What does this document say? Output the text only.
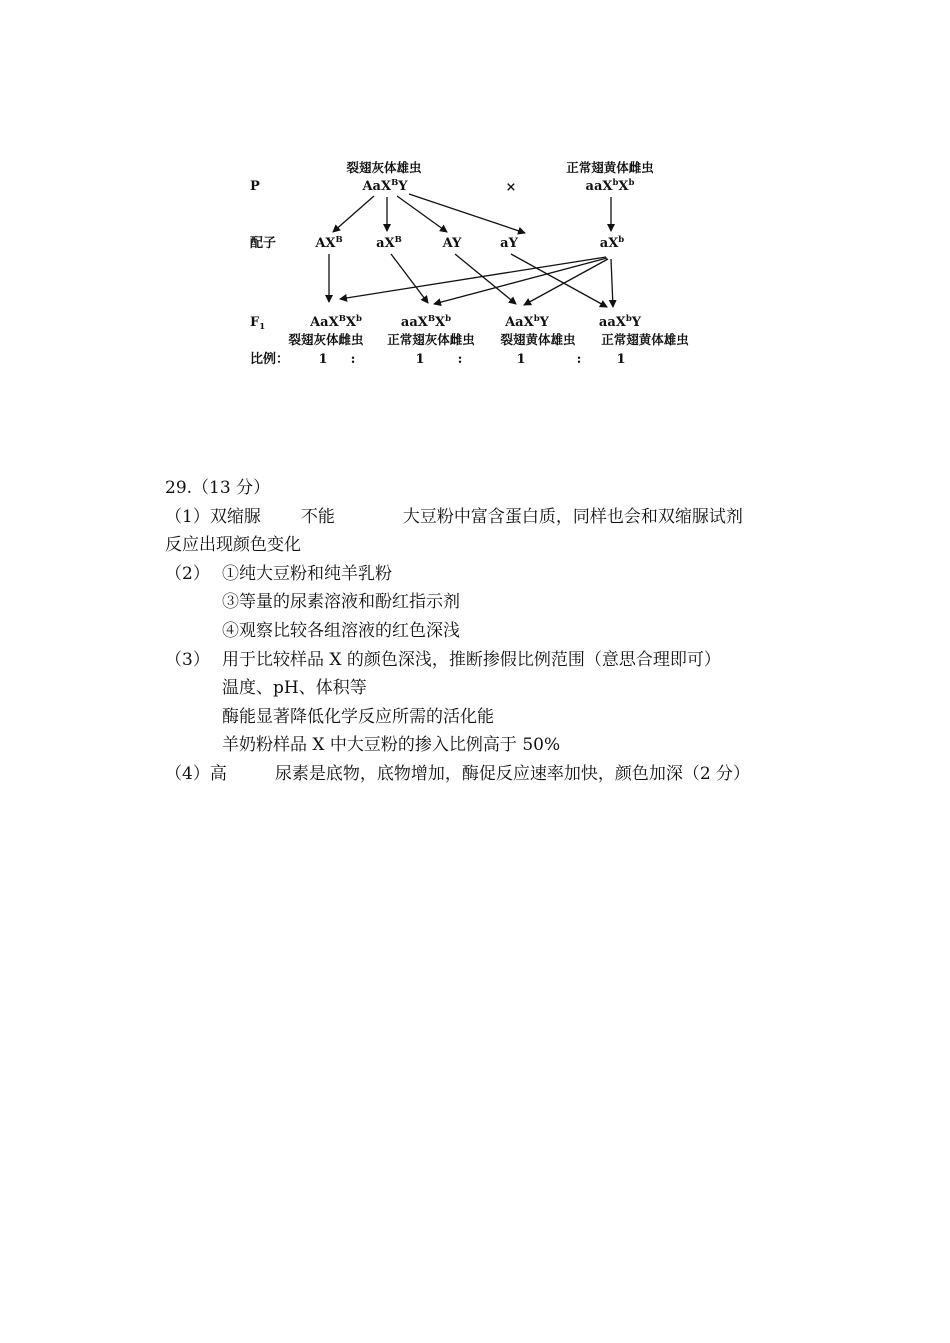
P
配子
$F_1$
比例：
裂翅灰体雄虫
AaX$^B$Y	×
正常翅黄体雌虫
$aaX^bX^b$
$AX^B$	$aX^B$	AY	aY	$aX^b$
$AaX^BX^b$	$aaX^BX^b$	AaX$^b$Y	aaX$^b$Y
裂翅灰体雌虫 正常翅灰体雌虫 裂翅黄体雄虫 正常翅黄体雄虫
1 :	1	:	1	:	1
29.（13 分）
（1）双缩脲 不能	大豆粉中富含蛋白质，同样也会和双缩脲试剂
反应出现颜色变化
（2） ①纯大豆粉和纯羊乳粉
③等量的尿素溶液和酚红指示剂
④观察比较各组溶液的红色深浅
（3） 用于比较样品 X 的颜色深浅，推断掺假比例范围（意思合理即可）
温度、pH、体积等
酶能显著降低化学反应所需的活化能
羊奶粉样品 X 中大豆粉的掺入比例高于 50%
（4）高	尿素是底物，底物增加，酶促反应速率加快，颜色加深（2 分）
